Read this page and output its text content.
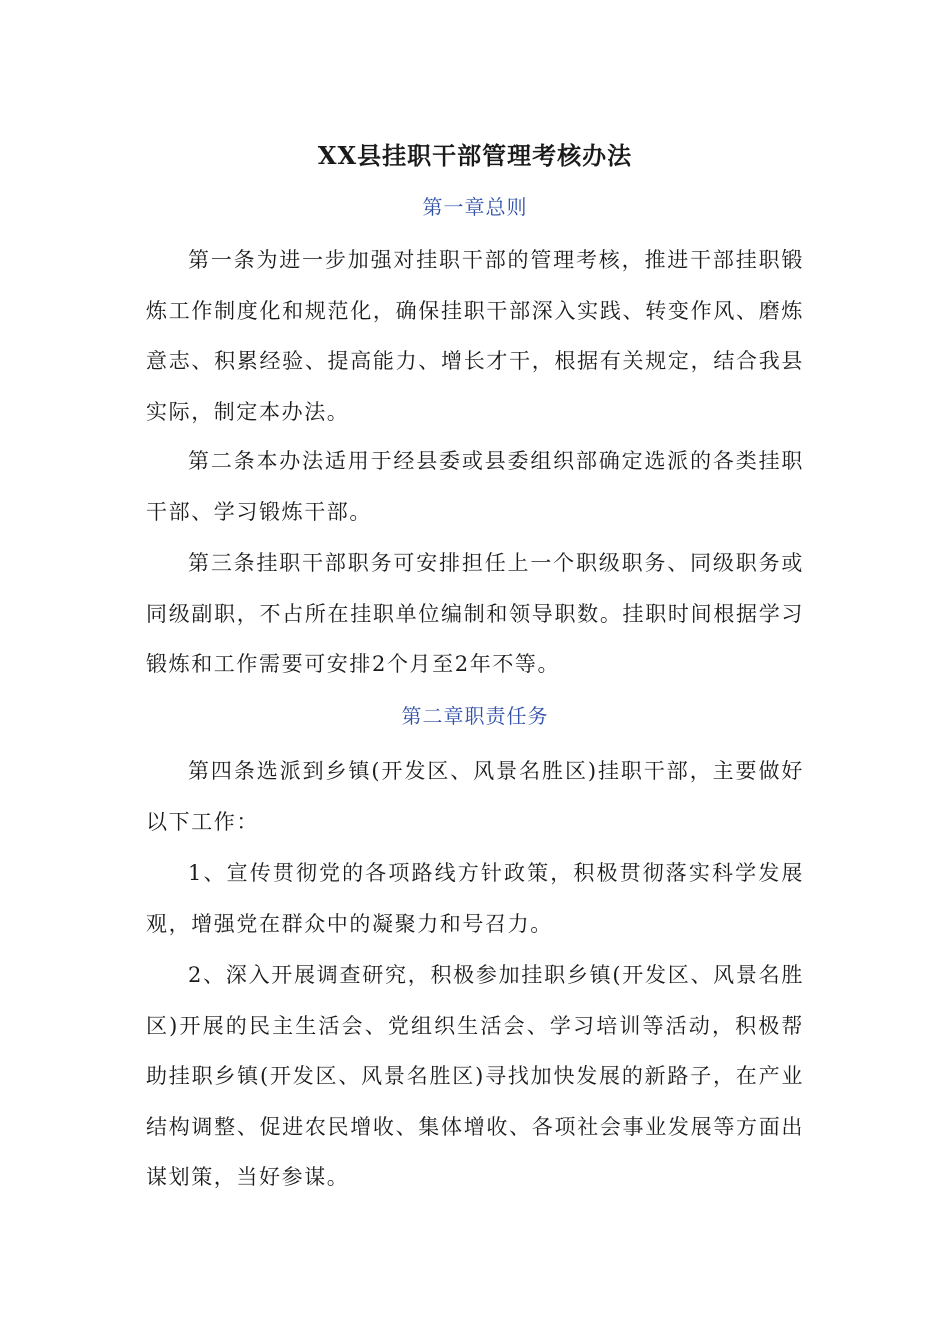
XX县挂职干部管理考核办法
第一章总则
第一条为进一步加强对挂职干部的管理考核，推进干部挂职锻炼工作制度化和规范化，确保挂职干部深入实践、转变作风、磨炼意志、积累经验、提高能力、增长才干，根据有关规定，结合我县实际，制定本办法。
第二条本办法适用于经县委或县委组织部确定选派的各类挂职干部、学习锻炼干部。
第三条挂职干部职务可安排担任上一个职级职务、同级职务或同级副职，不占所在挂职单位编制和领导职数。挂职时间根据学习锻炼和工作需要可安排2个月至2年不等。
第二章职责任务
第四条选派到乡镇(开发区、风景名胜区)挂职干部，主要做好以下工作：
1、宣传贯彻党的各项路线方针政策，积极贯彻落实科学发展观，增强党在群众中的凝聚力和号召力。
2、深入开展调查研究，积极参加挂职乡镇(开发区、风景名胜区)开展的民主生活会、党组织生活会、学习培训等活动，积极帮助挂职乡镇(开发区、风景名胜区)寻找加快发展的新路子，在产业结构调整、促进农民增收、集体增收、各项社会事业发展等方面出谋划策，当好参谋。
